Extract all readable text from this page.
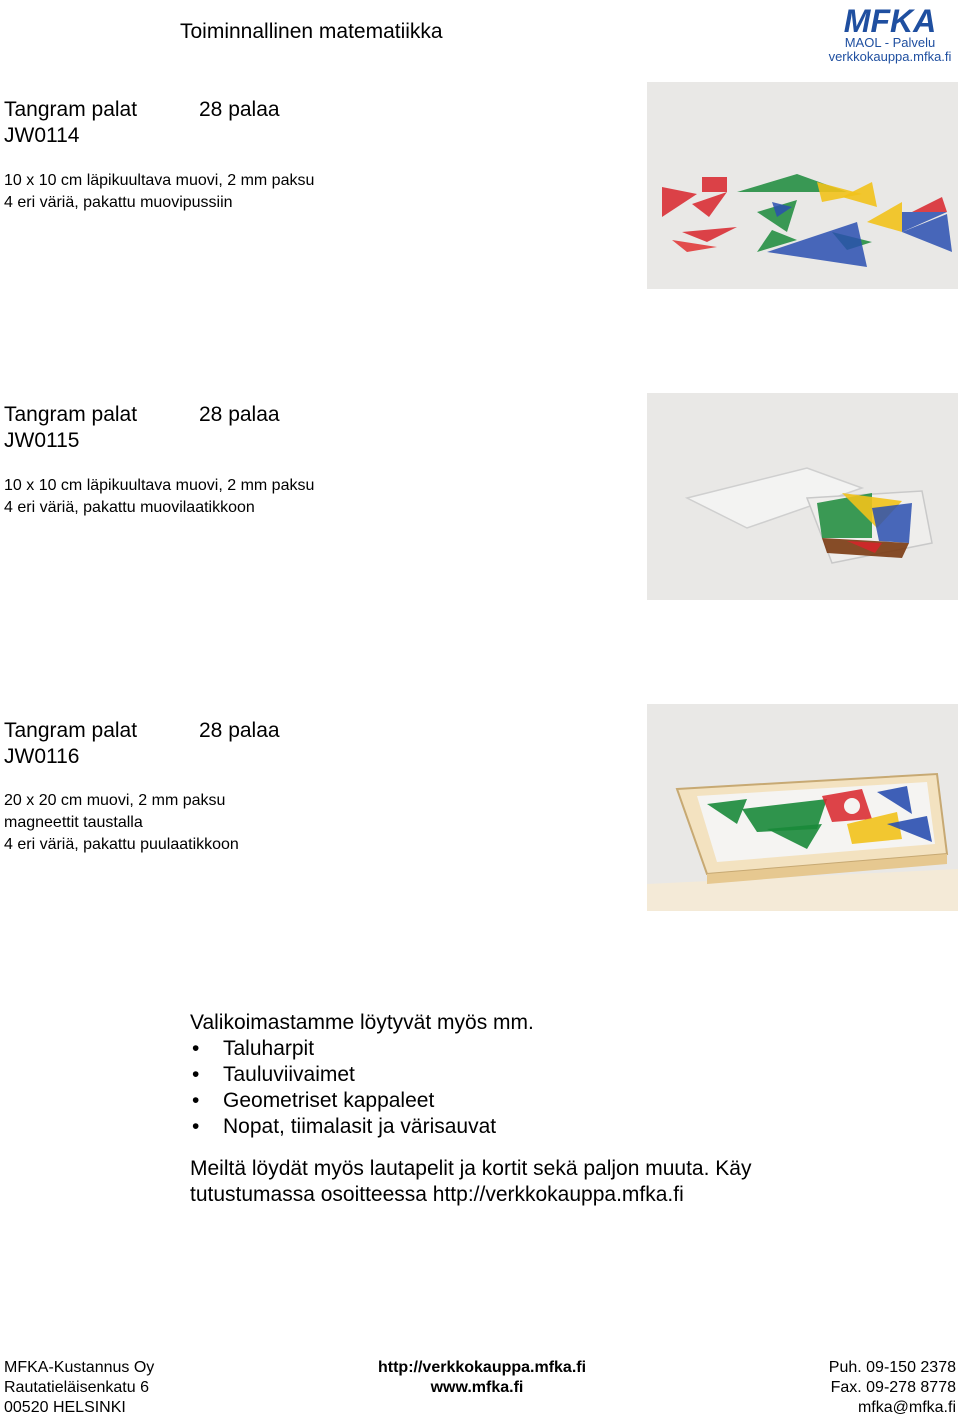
Toiminnallinen matematiikka	MFKA
MAOL - Palvelu
verkkokauppa.mfka.fi
Tangram palat	28 palaa
JW0114
10 x 10 cm läpikuultava muovi, 2 mm paksu
4 eri väriä, pakattu muovipussiin
Tangram palat	28 palaa
JW0115
10 x 10 cm läpikuultava muovi, 2 mm paksu
4 eri väriä, pakattu muovilaatikkoon
Tangram palat	28 palaa
JW0116
20 x 20 cm muovi, 2 mm paksu
magneettit taustalla
4 eri väriä, pakattu puulaatikkoon
Valikoimastamme löytyvät myös mm.
• Taluharpit
• Tauluviivaimet
• Geometriset kappaleet
• Nopat, tiimalasit ja värisauvat
Meiltä löydät myös lautapelit ja kortit sekä paljon muuta. Käy
tutustumassa osoitteessa http://verkkokauppa.mfka.fi
MFKA-Kustannus Oy
Rautatieläisenkatu 6
00520 HELSINKI
http://verkkokauppa.mfka.fi
www.mfka.fi
Puh. 09-150 2378
Fax. 09-278 8778
mfka@mfka.fi
